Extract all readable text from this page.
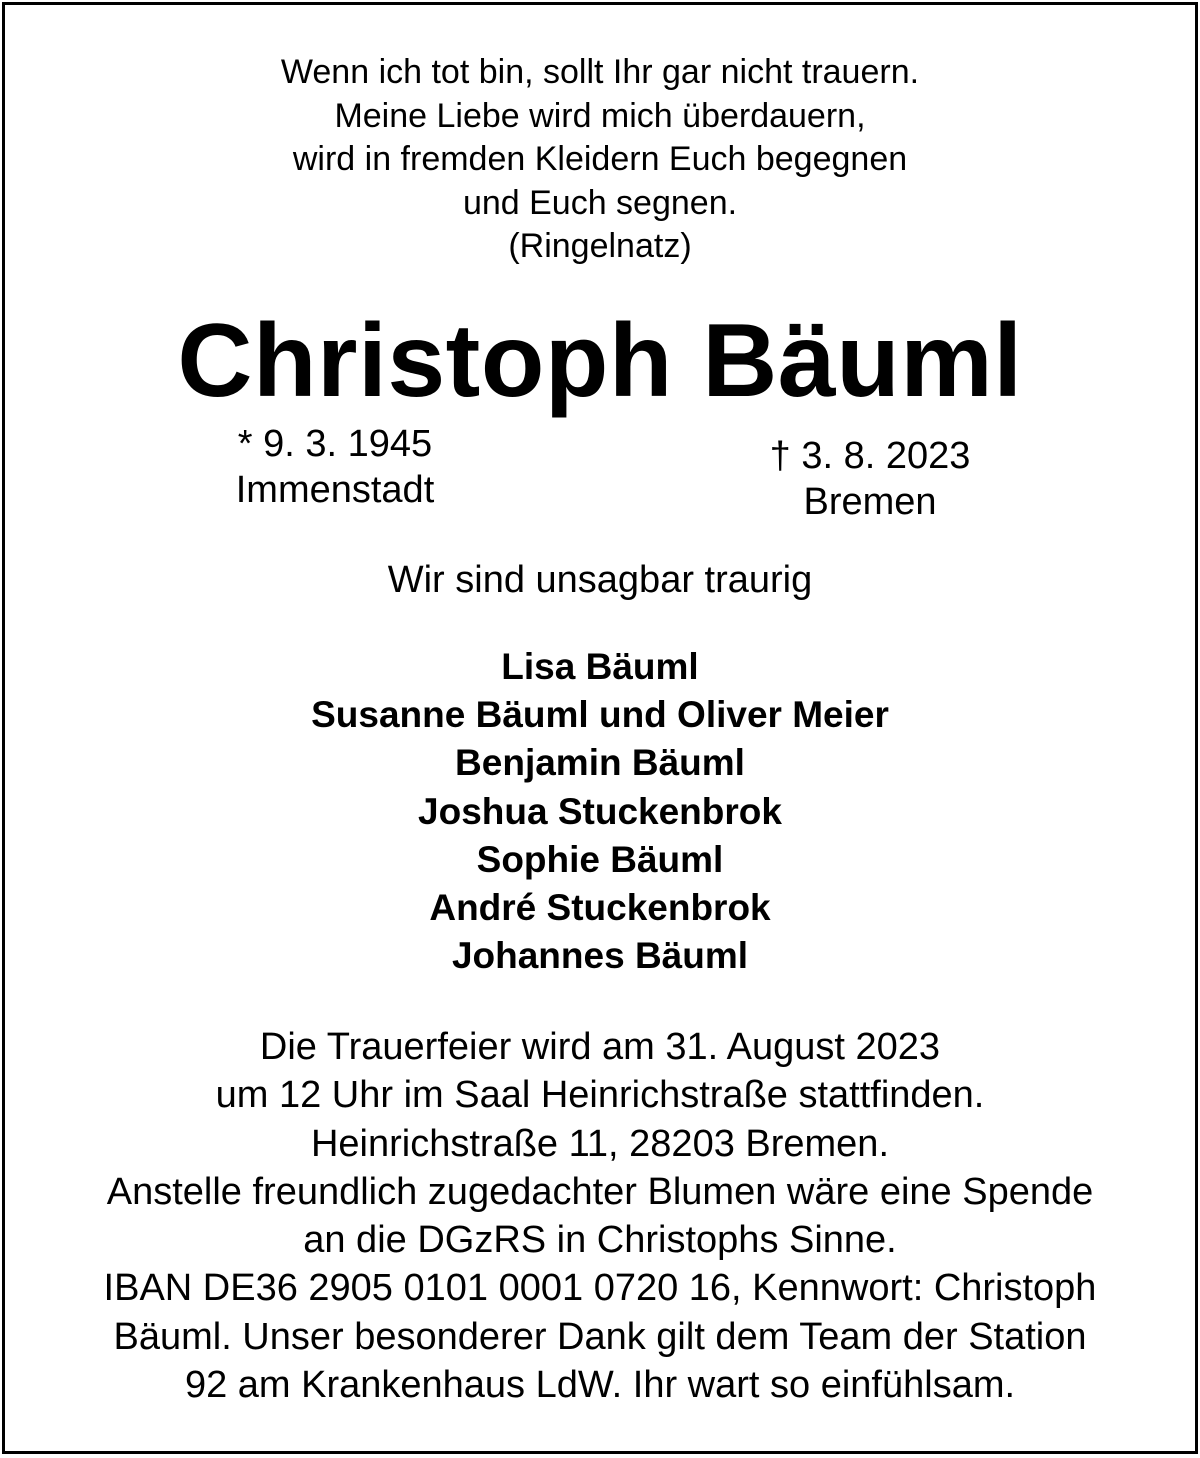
Wenn ich tot bin, sollt Ihr gar nicht trauern.
Meine Liebe wird mich überdauern,
wird in fremden Kleidern Euch begegnen
und Euch segnen.
(Ringelnatz)
Christoph Bäuml
* 9. 3. 1945
Immenstadt
† 3. 8. 2023
Bremen
Wir sind unsagbar traurig
Lisa Bäuml
Susanne Bäuml und Oliver Meier
Benjamin Bäuml
Joshua Stuckenbrok
Sophie Bäuml
André Stuckenbrok
Johannes Bäuml
Die Trauerfeier wird am 31. August 2023
um 12 Uhr im Saal Heinrichstraße stattfinden.
Heinrichstraße 11, 28203 Bremen.
Anstelle freundlich zugedachter Blumen wäre eine Spende
an die DGzRS in Christophs Sinne.
IBAN DE36 2905 0101 0001 0720 16, Kennwort: Christoph
Bäuml. Unser besonderer Dank gilt dem Team der Station
92 am Krankenhaus LdW. Ihr wart so einfühlsam.
